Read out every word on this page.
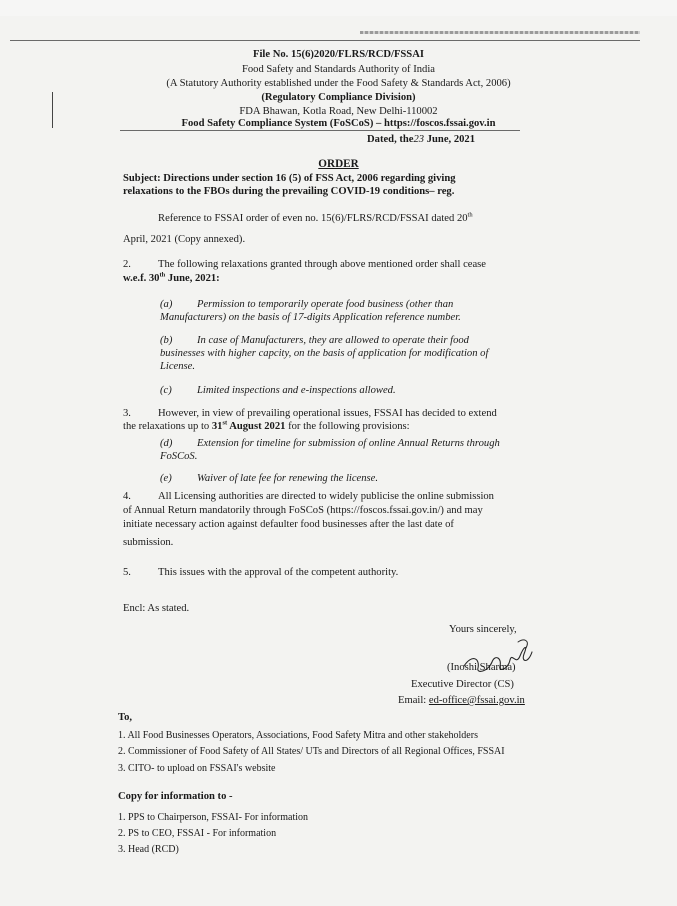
File No. 15(6)2020/FLRS/RCD/FSSAI
Food Safety and Standards Authority of India
(A Statutory Authority established under the Food Safety & Standards Act, 2006)
(Regulatory Compliance Division)
FDA Bhawan, Kotla Road, New Delhi-110002
Food Safety Compliance System (FoSCoS) – https://foscos.fssai.gov.in
Dated, the23 June, 2021
ORDER
Subject: Directions under section 16 (5) of FSS Act, 2006 regarding giving
relaxations to the FBOs during the prevailing COVID-19 conditions– reg.
Reference to FSSAI order of even no. 15(6)/FLRS/RCD/FSSAI dated 20th
April, 2021 (Copy annexed).
2.	The following relaxations granted through above mentioned order shall cease
w.e.f. 30th June, 2021:
(a) Permission to temporarily operate food business (other than
Manufacturers) on the basis of 17-digits Application reference number.
(b) In case of Manufacturers, they are allowed to operate their food
businesses with higher capcity, on the basis of application for modification of
License.
(c) Limited inspections and e-inspections allowed.
3.	However, in view of prevailing operational issues, FSSAI has decided to extend
the relaxations up to 31st August 2021 for the following provisions:
(d) Extension for timeline for submission of online Annual Returns through
FoSCoS.
(e) Waiver of late fee for renewing the license.
4.	All Licensing authorities are directed to widely publicise the online submission
of Annual Return mandatorily through FoSCoS (https://foscos.fssai.gov.in/) and may
initiate necessary action against defaulter food businesses after the last date of
submission.
5.	This issues with the approval of the competent authority.
Encl: As stated.
Yours sincerely,
(Inoshi Sharma)
Executive Director (CS)
Email: ed-office@fssai.gov.in
To,
1. All Food Businesses Operators, Associations, Food Safety Mitra and other stakeholders
2. Commissioner of Food Safety of All States/ UTs and Directors of all Regional Offices, FSSAI
3. CITO- to upload on FSSAI's website
Copy for information to -
1. PPS to Chairperson, FSSAI- For information
2. PS to CEO, FSSAI - For information
3. Head (RCD)
